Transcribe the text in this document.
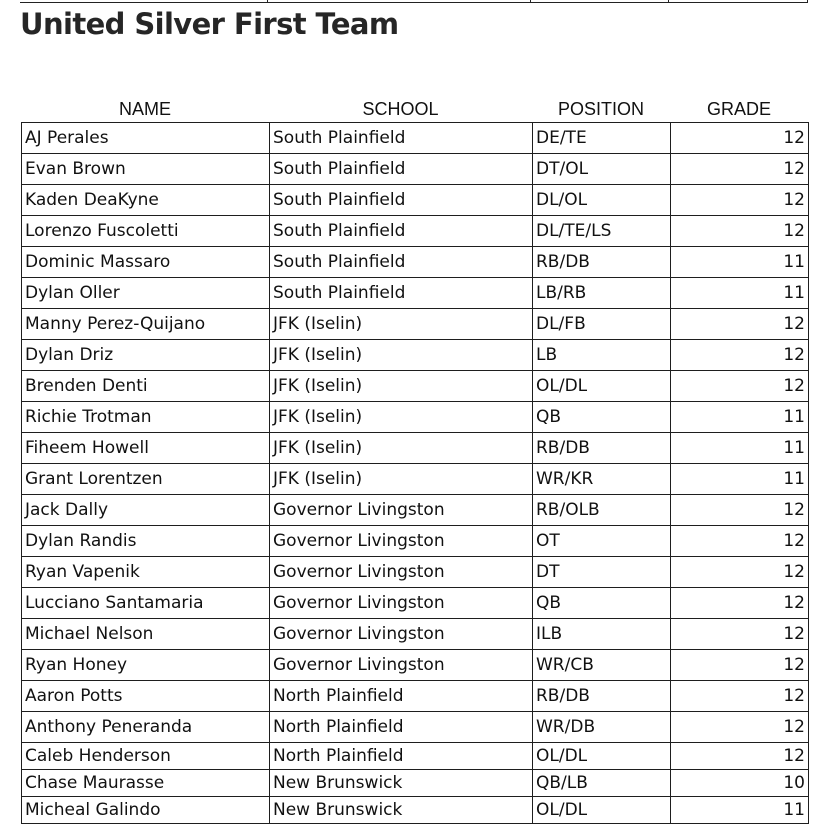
United Silver First Team
NAME	SCHOOL	POSITION	GRADE
AJ Perales	South Plainfield	DE/TE	12
Evan Brown	South Plainfield	DT/OL	12
Kaden DeaKyne	South Plainfield	DL/OL	12
Lorenzo Fuscoletti	South Plainfield	DL/TE/LS	12
Dominic Massaro	South Plainfield	RB/DB	11
Dylan Oller	South Plainfield	LB/RB	11
Manny Perez-Quijano	JFK (Iselin)	DL/FB	12
Dylan Driz	JFK (Iselin)	LB	12
Brenden Denti	JFK (Iselin)	OL/DL	12
Richie Trotman	JFK (Iselin)	QB	11
Fiheem Howell	JFK (Iselin)	RB/DB	11
Grant Lorentzen	JFK (Iselin)	WR/KR	11
Jack Dally	Governor Livingston	RB/OLB	12
Dylan Randis	Governor Livingston	OT	12
Ryan Vapenik	Governor Livingston	DT	12
Lucciano Santamaria	Governor Livingston	QB	12
Michael Nelson	Governor Livingston	ILB	12
Ryan Honey	Governor Livingston	WR/CB	12
Aaron Potts	North Plainfield	RB/DB	12
Anthony Peneranda	North Plainfield	WR/DB	12
Caleb Henderson	North Plainfield	OL/DL	12
Chase Maurasse	New Brunswick	QB/LB	10
Micheal Galindo	New Brunswick	OL/DL	11
